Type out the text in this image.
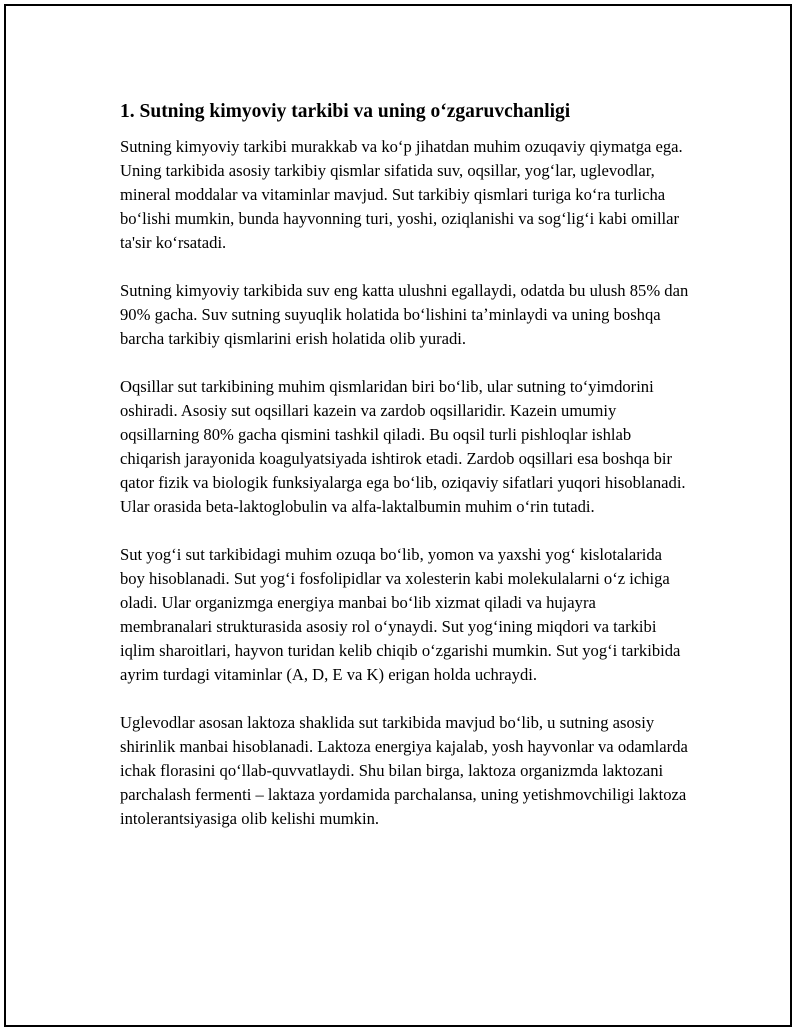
1. Sutning kimyoviy tarkibi va uning oʻzgaruvchanligi

Sutning kimyoviy tarkibi murakkab va koʻp jihatdan muhim ozuqaviy qiymatga ega. Uning tarkibida asosiy tarkibiy qismlar sifatida suv, oqsillar, yogʻlar, uglevodlar, mineral moddalar va vitaminlar mavjud. Sut tarkibiy qismlari turiga koʻra turlicha boʻlishi mumkin, bunda hayvonning turi, yoshi, oziqlanishi va sogʻligʻi kabi omillar ta'sir koʻrsatadi.

Sutning kimyoviy tarkibida suv eng katta ulushni egallaydi, odatda bu ulush 85% dan 90% gacha. Suv sutning suyuqlik holatida boʻlishini taʼminlaydi va uning boshqa barcha tarkibiy qismlarini erish holatida olib yuradi.

Oqsillar sut tarkibining muhim qismlaridan biri boʻlib, ular sutning toʻyimdorini oshiradi. Asosiy sut oqsillari kazein va zardob oqsillaridir. Kazein umumiy oqsillarning 80% gacha qismini tashkil qiladi. Bu oqsil turli pishloqlar ishlab chiqarish jarayonida koagulyatsiyada ishtirok etadi. Zardob oqsillari esa boshqa bir qator fizik va biologik funksiyalarga ega boʻlib, oziqaviy sifatlari yuqori hisoblanadi. Ular orasida beta-laktoglobulin va alfa-laktalbumin muhim oʻrin tutadi.

Sut yogʻi sut tarkibidagi muhim ozuqa boʻlib, yomon va yaxshi yogʻ kislotalarida boy hisoblanadi. Sut yogʻi fosfolipidlar va xolesterin kabi molekulalarni oʻz ichiga oladi. Ular organizmga energiya manbai boʻlib xizmat qiladi va hujayra membranalari strukturasida asosiy rol oʻynaydi. Sut yogʻining miqdori va tarkibi iqlim sharoitlari, hayvon turidan kelib chiqib oʻzgarishi mumkin. Sut yogʻi tarkibida ayrim turdagi vitaminlar (A, D, E va K) erigan holda uchraydi.

Uglevodlar asosan laktoza shaklida sut tarkibida mavjud boʻlib, u sutning asosiy shirinlik manbai hisoblanadi. Laktoza energiya kajalab, yosh hayvonlar va odamlarda ichak florasini qoʻllab-quvvatlaydi. Shu bilan birga, laktoza organizmda laktozani parchalash fermenti – laktaza yordamida parchalansa, uning yetishmovchiligi laktoza intolerantsiyasiga olib kelishi mumkin.
